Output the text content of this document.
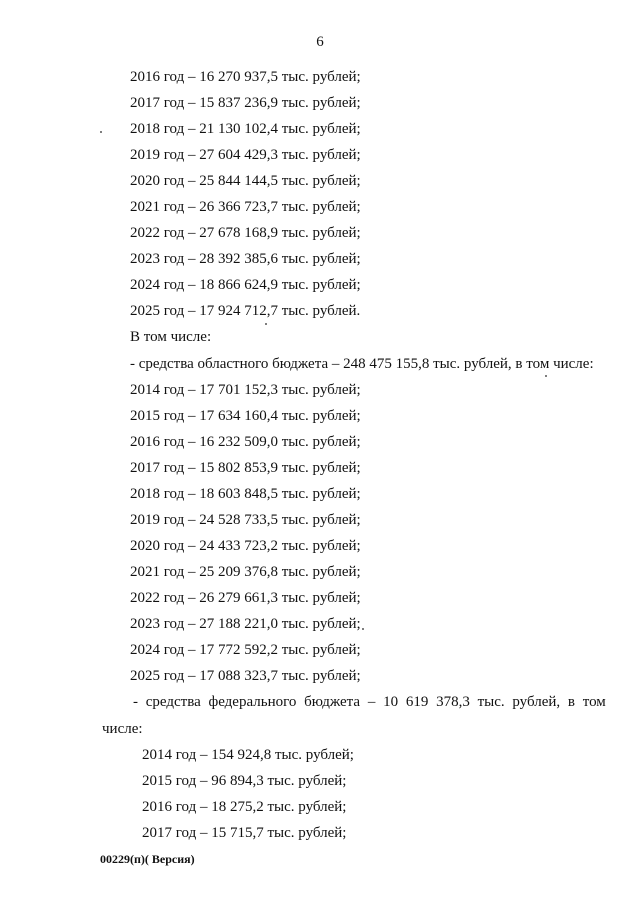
6
2016 год – 16 270 937,5 тыс. рублей;
2017 год – 15 837 236,9 тыс. рублей;
2018 год – 21 130 102,4 тыс. рублей;
2019 год – 27 604 429,3 тыс. рублей;
2020 год – 25 844 144,5 тыс. рублей;
2021 год – 26 366 723,7 тыс. рублей;
2022 год – 27 678 168,9 тыс. рублей;
2023 год – 28 392 385,6 тыс. рублей;
2024 год – 18 866 624,9 тыс. рублей;
2025 год – 17 924 712,7 тыс. рублей.
В том числе:
- средства областного бюджета – 248 475 155,8 тыс. рублей, в том числе:
2014 год – 17 701 152,3 тыс. рублей;
2015 год – 17 634 160,4 тыс. рублей;
2016 год – 16 232 509,0 тыс. рублей;
2017 год – 15 802 853,9 тыс. рублей;
2018 год – 18 603 848,5 тыс. рублей;
2019 год – 24 528 733,5 тыс. рублей;
2020 год – 24 433 723,2 тыс. рублей;
2021 год – 25 209 376,8 тыс. рублей;
2022 год – 26 279 661,3 тыс. рублей;
2023 год – 27 188 221,0 тыс. рублей;
2024 год – 17 772 592,2 тыс. рублей;
2025 год – 17 088 323,7 тыс. рублей;
- средства федерального бюджета – 10 619 378,3 тыс. рублей, в том
числе:
2014 год – 154 924,8 тыс. рублей;
2015 год – 96 894,3 тыс. рублей;
2016 год – 18 275,2 тыс. рублей;
2017 год – 15 715,7 тыс. рублей;
00229(п)( Версия)
